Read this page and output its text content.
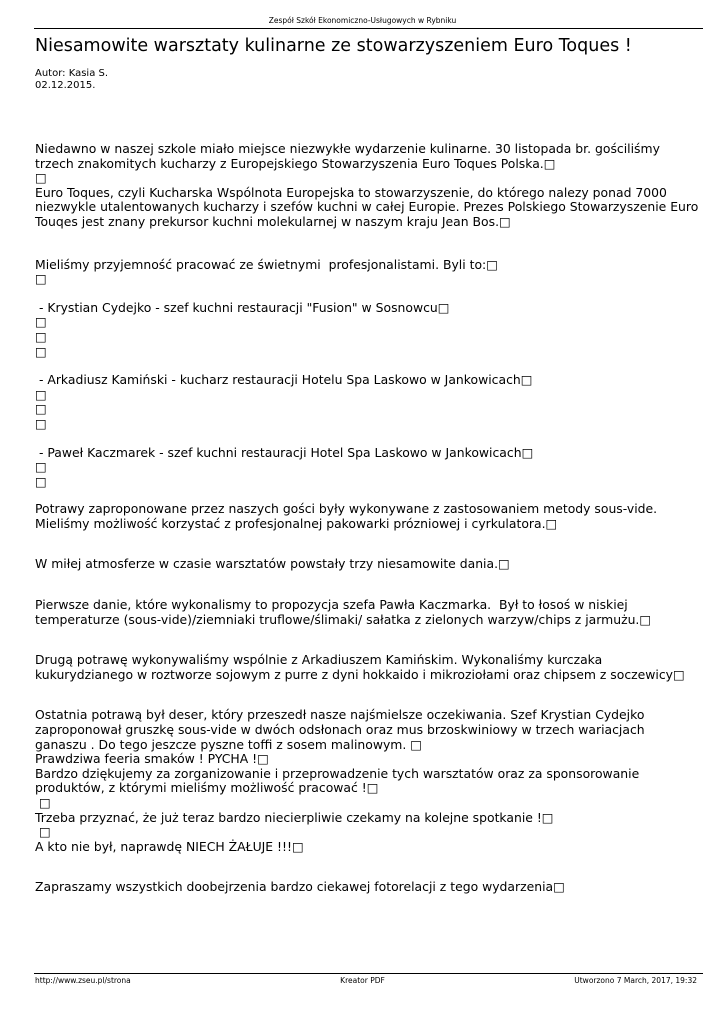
Zespół Szkół Ekonomiczno-Usługowych w Rybniku
Niesamowite warsztaty kulinarne ze stowarzyszeniem Euro Toques !
Autor: Kasia S.
02.12.2015.

Niedawno w naszej szkole miało miejsce niezwykłe wydarzenie kulinarne. 30 listopada br. gościliśmy trzech znakomitych kucharzy z Europejskiego Stowarzyszenia Euro Toques Polska.□
□
Euro Toques, czyli Kucharska Wspólnota Europejska to stowarzyszenie, do którego nalezy ponad 7000 niezwykle utalentowanych kucharzy i szefów kuchni w całej Europie. Prezes Polskiego Stowarzyszenie Euro Touqes jest znany prekursor kuchni molekularnej w naszym kraju Jean Bos.□

Mieliśmy przyjemność pracować ze świetnymi  profesjonalistami. Byli to:□
□

- Krystian Cydejko - szef kuchni restauracji "Fusion" w Sosnowcu□
□
□
□

- Arkadiusz Kamiński - kucharz restauracji Hotelu Spa Laskowo w Jankowicach□
□
□
□

- Paweł Kaczmarek - szef kuchni restauracji Hotel Spa Laskowo w Jankowicach□
□
□

Potrawy zaproponowane przez naszych gości były wykonywane z zastosowaniem metody sous-vide. Mieliśmy możliwość korzystać z profesjonalnej pakowarki prózniowej i cyrkulatora.□

W miłej atmosferze w czasie warsztatów powstały trzy niesamowite dania.□

Pierwsze danie, które wykonalismy to propozycja szefa Pawła Kaczmarka.  Był to łosoś w niskiej temperaturze (sous-vide)/ziemniaki truflowe/ślimaki/ sałatka z zielonych warzyw/chips z jarmużu.□

Drugą potrawę wykonywaliśmy wspólnie z Arkadiuszem Kamińskim. Wykonaliśmy kurczaka kukurydzianego w roztworze sojowym z purre z dyni hokkaido i mikroziołami oraz chipsem z soczewicy□

Ostatnia potrawą był deser, który przeszedł nasze najśmielsze oczekiwania. Szef Krystian Cydejko zaproponował gruszkę sous-vide w dwóch odsłonach oraz mus brzoskwiniowy w trzech wariacjach ganaszu . Do tego jeszcze pyszne toffi z sosem malinowym. □
Prawdziwa feeria smaków ! PYCHA !□
Bardzo dziękujemy za zorganizowanie i przeprowadzenie tych warsztatów oraz za sponsorowanie produktów, z którymi mieliśmy możliwość pracować !□
□
Trzeba przyznać, że już teraz bardzo niecierpliwie czekamy na kolejne spotkanie !□
□
A kto nie był, naprawdę NIECH ŻAŁUJE !!!□

Zapraszamy wszystkich doobejrzenia bardzo ciekawej fotorelacji z tego wydarzenia□

http://www.zseu.pl/strona	Kreator PDF	Utworzono 7 March, 2017, 19:32
